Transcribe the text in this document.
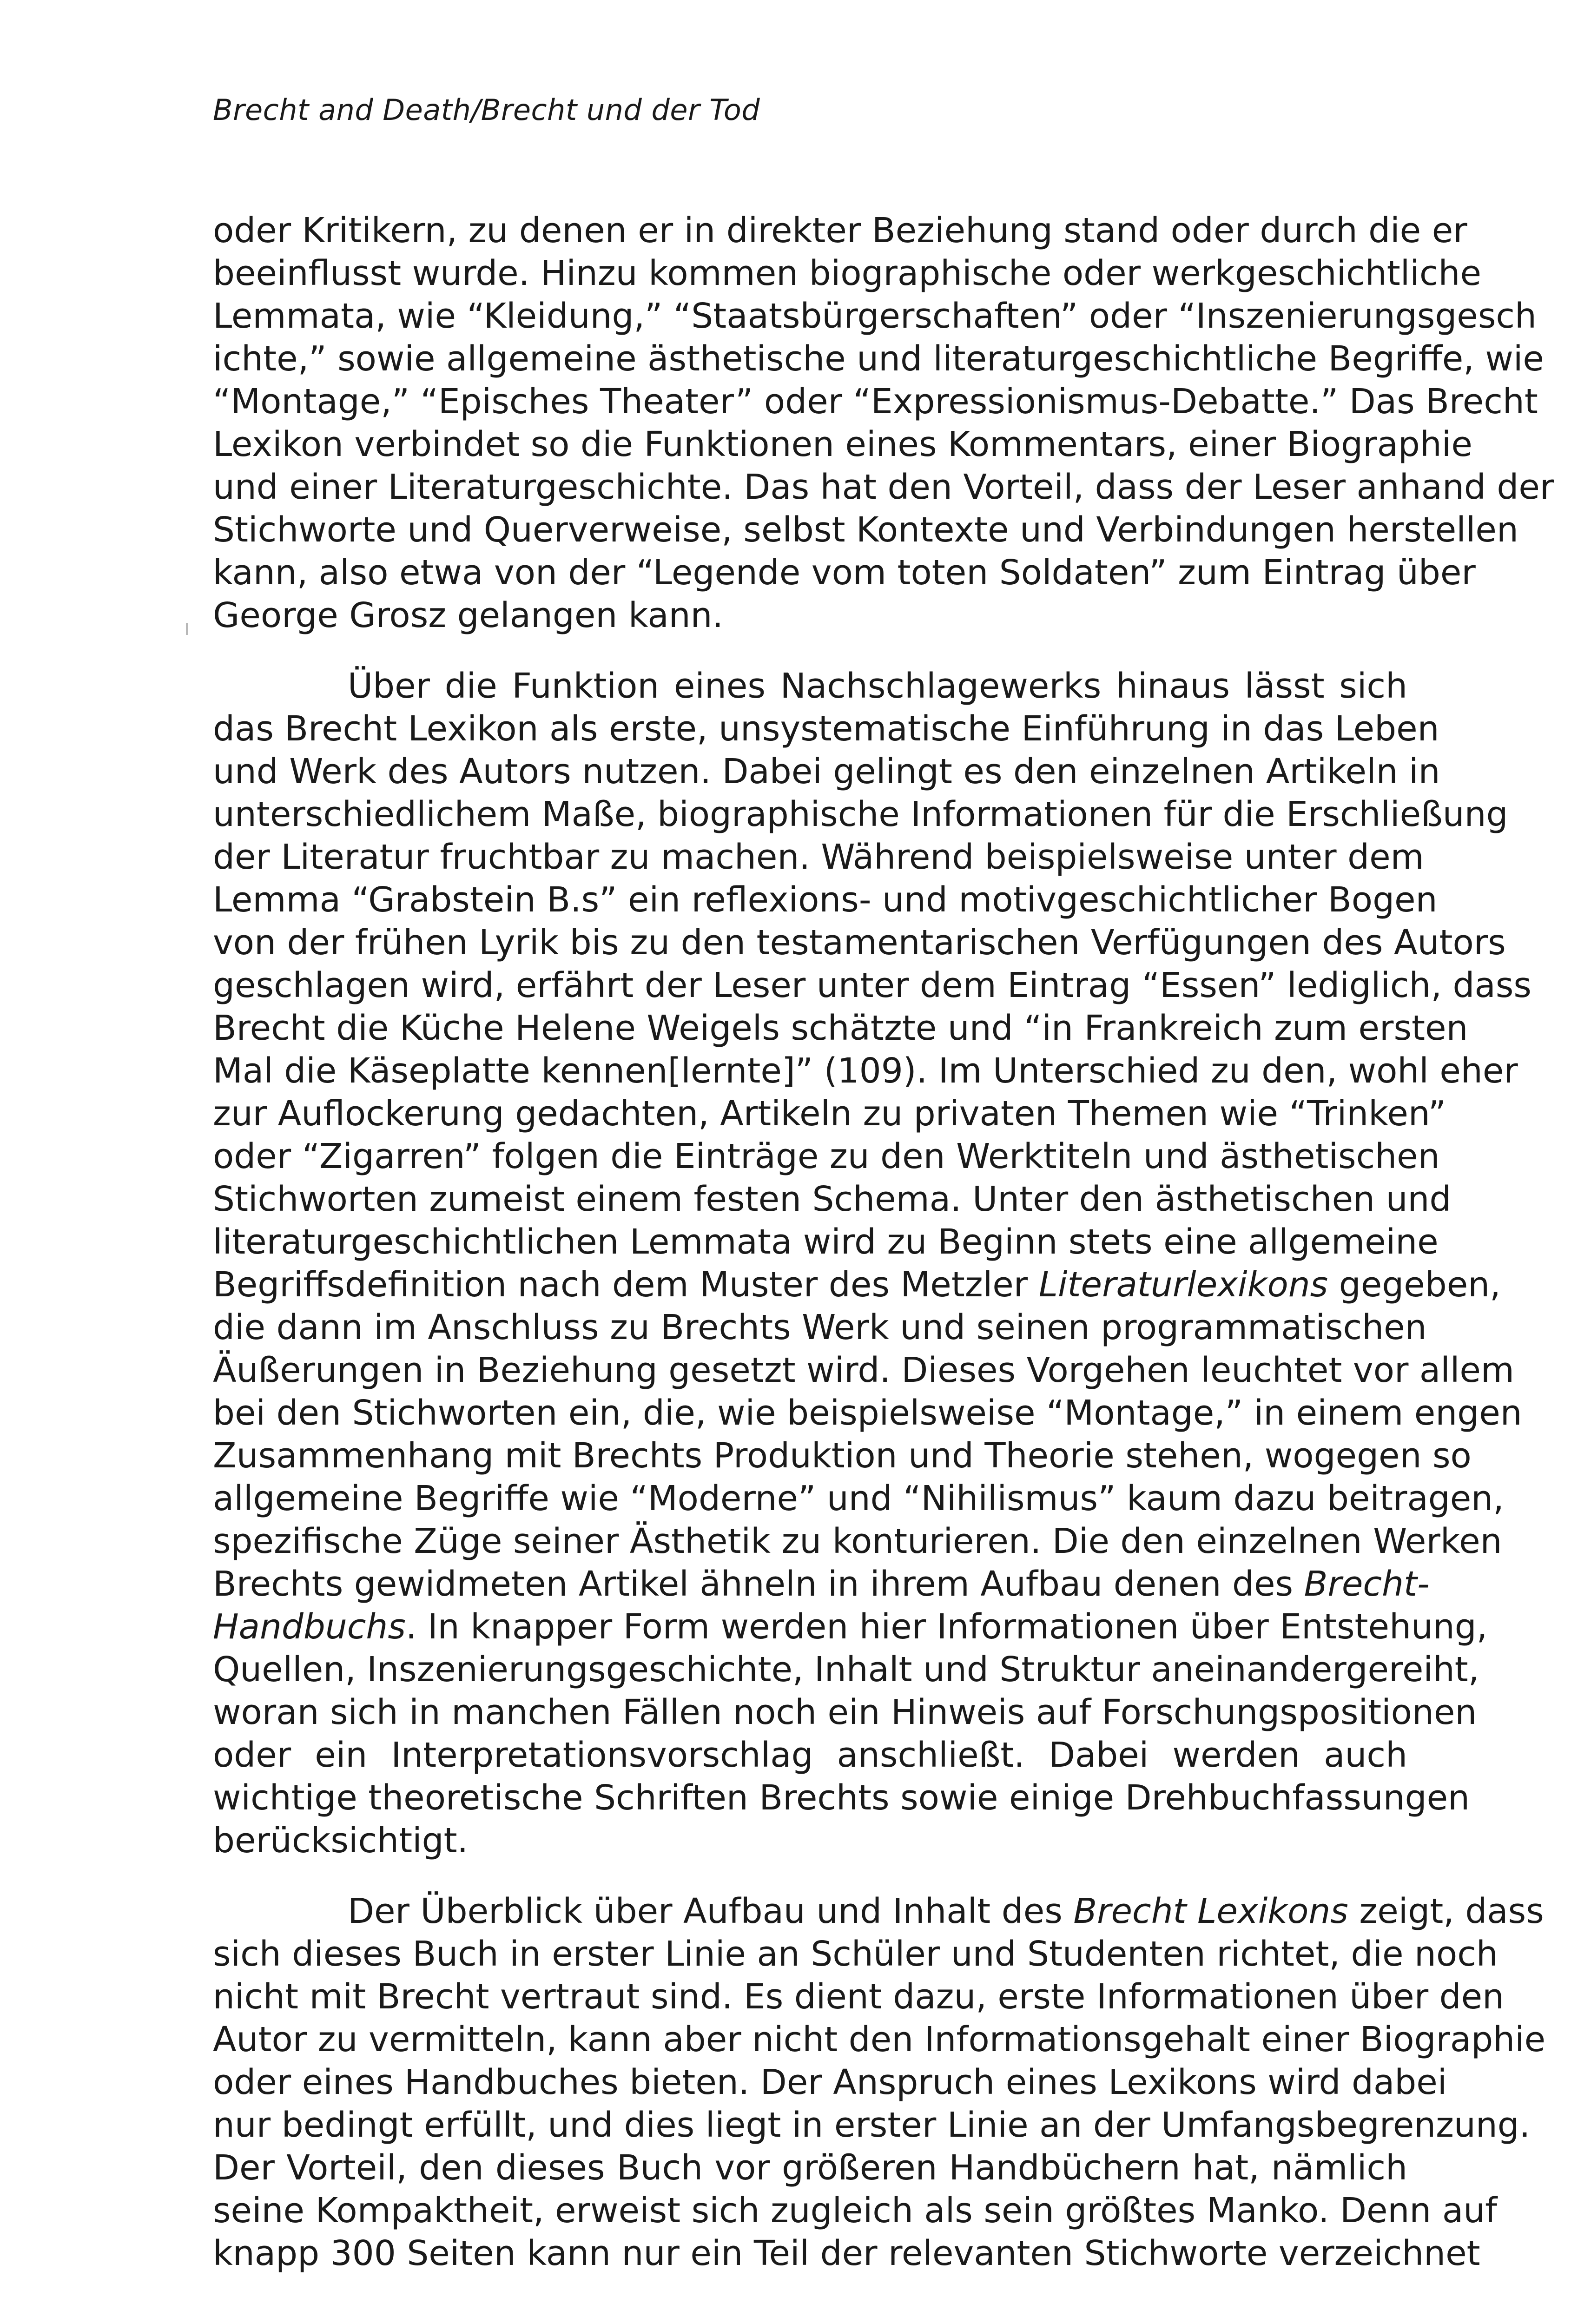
Brecht and Death/Brecht und der Tod
oder Kritikern, zu denen er in direkter Beziehung stand oder durch die er
beeinflusst wurde. Hinzu kommen biographische oder werkgeschichtliche
Lemmata, wie “Kleidung,” “Staatsbürgerschaften” oder “Inszenierungsgesch
ichte,” sowie allgemeine ästhetische und literaturgeschichtliche Begriffe, wie
“Montage,” “Episches Theater” oder “Expressionismus-Debatte.” Das Brecht
Lexikon verbindet so die Funktionen eines Kommentars, einer Biographie
und einer Literaturgeschichte. Das hat den Vorteil, dass der Leser anhand der
Stichworte und Querverweise, selbst Kontexte und Verbindungen herstellen
kann, also etwa von der “Legende vom toten Soldaten” zum Eintrag über
George Grosz gelangen kann.
Über die Funktion eines Nachschlagewerks hinaus lässt sich
das Brecht Lexikon als erste, unsystematische Einführung in das Leben
und Werk des Autors nutzen. Dabei gelingt es den einzelnen Artikeln in
unterschiedlichem Maße, biographische Informationen für die Erschließung
der Literatur fruchtbar zu machen. Während beispielsweise unter dem
Lemma “Grabstein B.s” ein reflexions- und motivgeschichtlicher Bogen
von der frühen Lyrik bis zu den testamentarischen Verfügungen des Autors
geschlagen wird, erfährt der Leser unter dem Eintrag “Essen” lediglich, dass
Brecht die Küche Helene Weigels schätzte und “in Frankreich zum ersten
Mal die Käseplatte kennen[lernte]” (109). Im Unterschied zu den, wohl eher
zur Auflockerung gedachten, Artikeln zu privaten Themen wie “Trinken”
oder “Zigarren” folgen die Einträge zu den Werktiteln und ästhetischen
Stichworten zumeist einem festen Schema. Unter den ästhetischen und
literaturgeschichtlichen Lemmata wird zu Beginn stets eine allgemeine
Begriffsdefinition nach dem Muster des Metzler Literaturlexikons gegeben,
die dann im Anschluss zu Brechts Werk und seinen programmatischen
Äußerungen in Beziehung gesetzt wird. Dieses Vorgehen leuchtet vor allem
bei den Stichworten ein, die, wie beispielsweise “Montage,” in einem engen
Zusammenhang mit Brechts Produktion und Theorie stehen, wogegen so
allgemeine Begriffe wie “Moderne” und “Nihilismus” kaum dazu beitragen,
spezifische Züge seiner Ästhetik zu konturieren. Die den einzelnen Werken
Brechts gewidmeten Artikel ähneln in ihrem Aufbau denen des Brecht-
Handbuchs. In knapper Form werden hier Informationen über Entstehung,
Quellen, Inszenierungsgeschichte, Inhalt und Struktur aneinandergereiht,
woran sich in manchen Fällen noch ein Hinweis auf Forschungspositionen
oder ein Interpretationsvorschlag anschließt. Dabei werden auch
wichtige theoretische Schriften Brechts sowie einige Drehbuchfassungen
berücksichtigt.
Der Überblick über Aufbau und Inhalt des Brecht Lexikons zeigt, dass
sich dieses Buch in erster Linie an Schüler und Studenten richtet, die noch
nicht mit Brecht vertraut sind. Es dient dazu, erste Informationen über den
Autor zu vermitteln, kann aber nicht den Informationsgehalt einer Biographie
oder eines Handbuches bieten. Der Anspruch eines Lexikons wird dabei
nur bedingt erfüllt, und dies liegt in erster Linie an der Umfangsbegrenzung.
Der Vorteil, den dieses Buch vor größeren Handbüchern hat, nämlich
seine Kompaktheit, erweist sich zugleich als sein größtes Manko. Denn auf
knapp 300 Seiten kann nur ein Teil der relevanten Stichworte verzeichnet
